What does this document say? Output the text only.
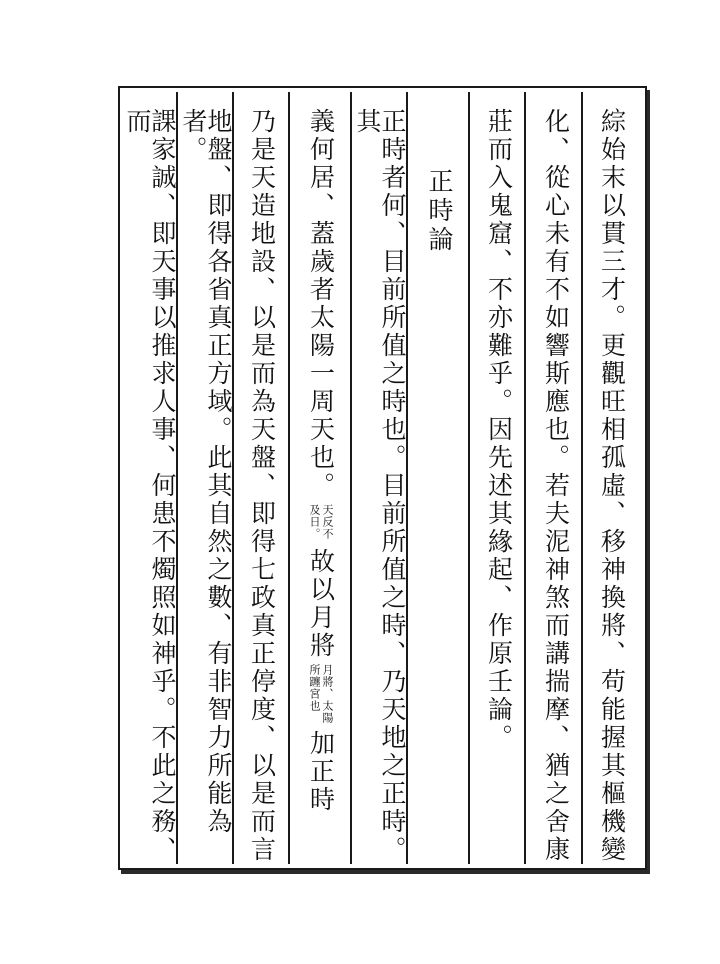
綜始末以貫三才。更觀旺相孤虛、移神換將、苟能握其樞機變
化、從心未有不如響斯應也。若夫泥神煞而講揣摩、猶之舍康
莊而入鬼窟、不亦難乎。因先述其緣起、作原壬論。
正時論
正時者何、目前所值之時也。目前所值之時、乃天地之正時。其
義何居、蓋歲者太陽一周天也。
天反不
及日。
故以月將
月將、太陽
所躔宮也
加正時
乃是天造地設、以是而為天盤、即得七政真正停度、以是而言
地盤、即得各省真正方域。此其自然之數、有非智力所能為者。
課家誠、即天事以推求人事、何患不燭照如神乎。不此之務、而
